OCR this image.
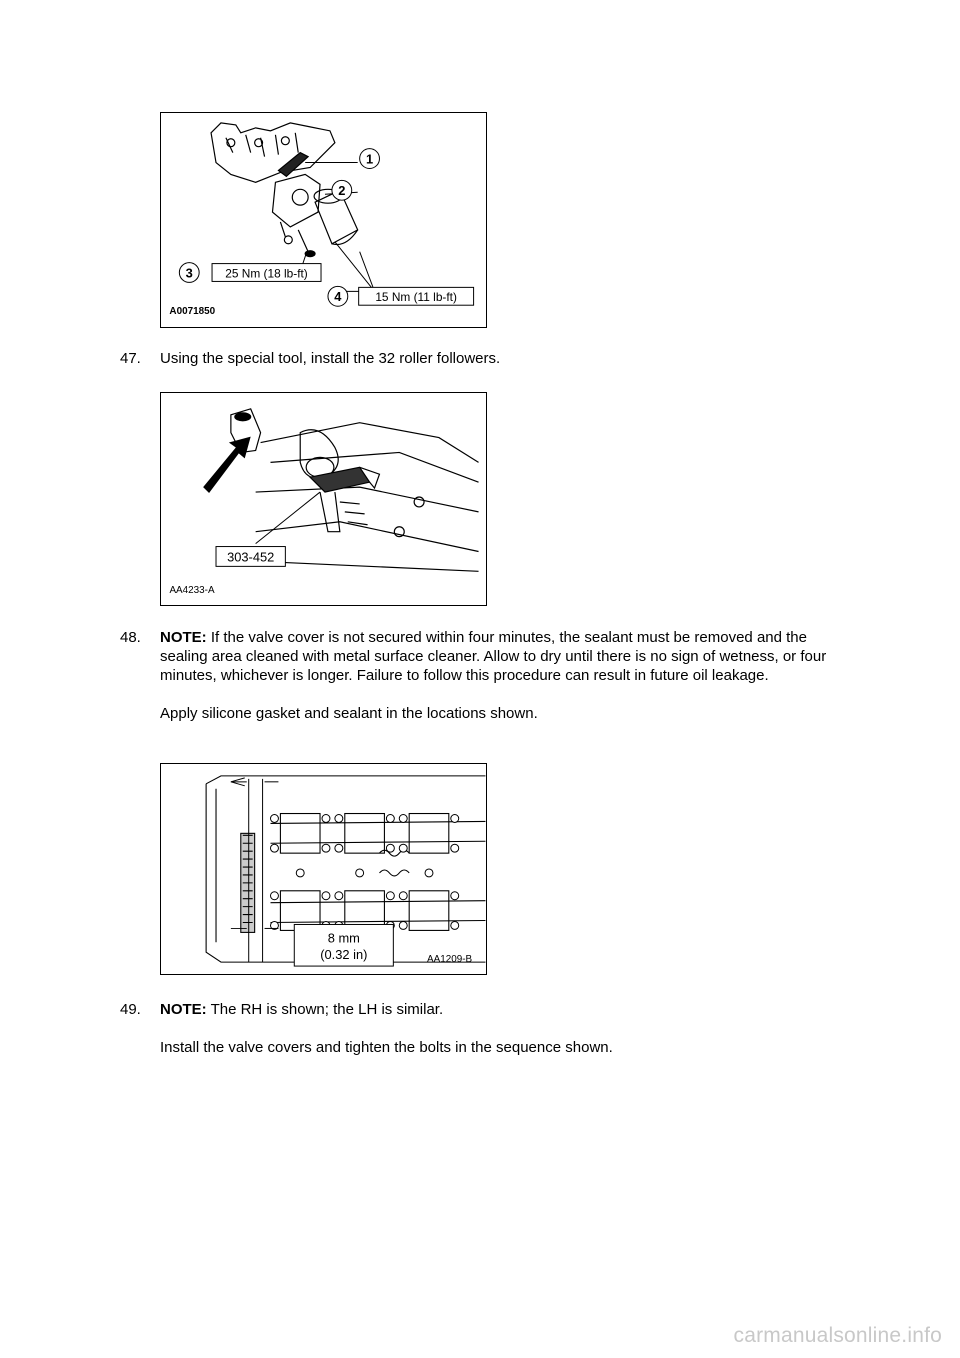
1
2
3
4
25 Nm (18 lb-ft)
15 Nm (11 lb-ft)
A0071850
47. Using the special tool, install the 32 roller followers.

303-452
AA4233-A
48. NOTE: If the valve cover is not secured within four minutes, the sealant must be removed and the sealing area cleaned with metal surface cleaner. Allow to dry until there is no sign of wetness, or four minutes, whichever is longer. Failure to follow this procedure can result in future oil leakage.

Apply silicone gasket and sealant in the locations shown.

8 mm
(0.32 in)	AA1209-B
49. NOTE: The RH is shown; the LH is similar.

Install the valve covers and tighten the bolts in the sequence shown.

carmanualsonline.info
